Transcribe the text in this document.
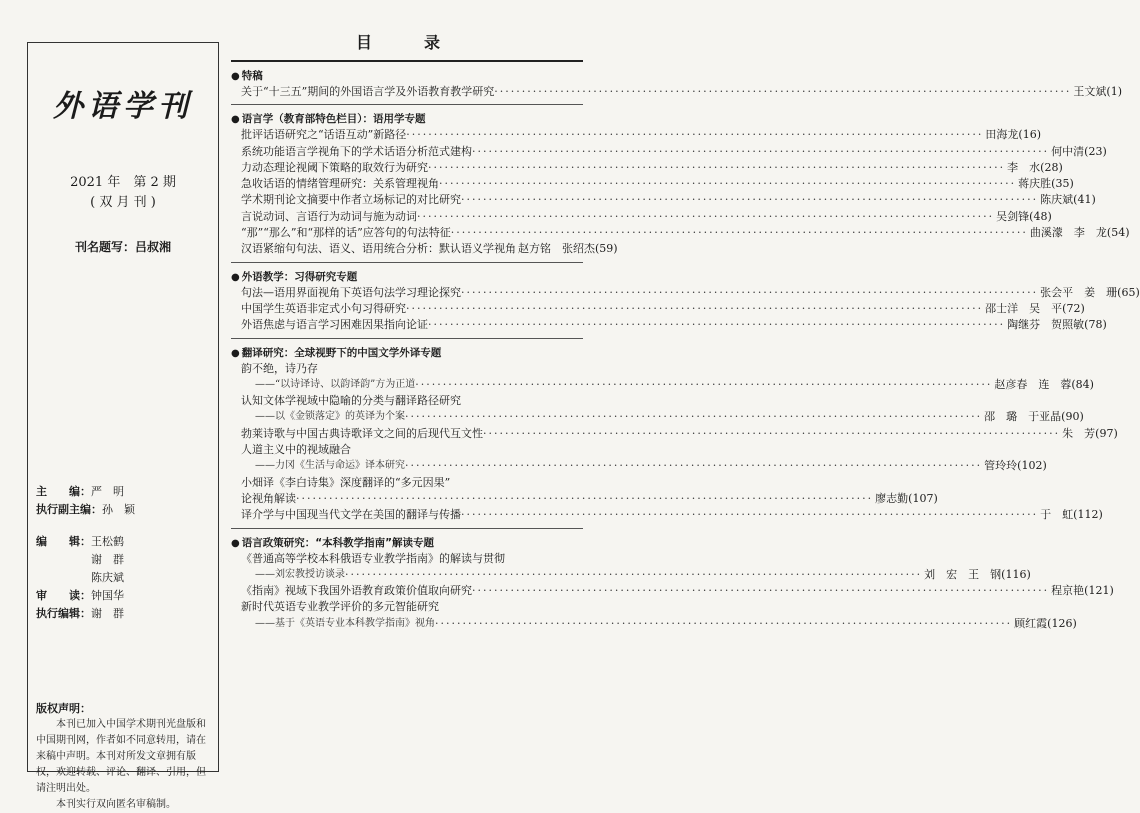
外语学刊
2021 年　第 2 期
( 双 月 刊 )
刊名题写：吕叔湘
主　　编： 严　明
执行副主编： 孙　颖
编　　辑： 王松鹤
谢　群
陈庆斌
审　　读： 钟国华
执行编辑： 谢　群
版权声明：

本刊已加入中国学术期刊光盘版和中国期刊网，作者如不同意转用，请在来稿中声明。本刊对所发文章拥有版权，欢迎转载、评论、翻译、引用，但请注明出处。

本刊实行双向匿名审稿制。

目　录
● 特稿
关于“十三五”期间的外国语言学及外语教育教学研究 ·····	王文斌(1)
● 语言学（教育部特色栏目）：语用学专题
批评话语研究之“话语互动”新路径 ·····	田海龙(16)
系统功能语言学视角下的学术话语分析范式建构 ·····	何中清(23)
力动态理论视阈下策略的取效行为研究 ·····	李　水(28)
急收话语的情绪管理研究：关系管理视角 ·····	蒋庆胜(35)
学术期刊论文摘要中作者立场标记的对比研究 ·····	陈庆斌(41)
言说动词、言语行为动词与施为动词 ·····	吴剑锋(48)
“那”“那么”和“那样的话”应答句的句法特征 ·····	曲溪濛　李　龙(54)
汉语紧缩句句法、语义、语用统合分析：默认语义学视角 赵方铭　张绍杰(59)
● 外语教学：习得研究专题
句法—语用界面视角下英语句法学习理论探究 ·····	张会平　姜　珊(65)
中国学生英语非定式小句习得研究 ·····	邵士洋　吴　平(72)
外语焦虑与语言学习困难因果指向论证 ·····	陶继芬　贺照敏(78)
● 翻译研究：全球视野下的中国文学外译专题
韵不绝，诗乃存
——“以诗译诗、以韵译韵”方为正道 ·····	赵彦春　连　蓉(84)
认知文体学视域中隐喻的分类与翻译路径研究
——以《金锁落定》的英译为个案 ·····	邵　璐　于亚晶(90)
勃莱诗歌与中国古典诗歌译文之间的后现代互文性 ·····	朱　芳(97)
人道主义中的视域融合
——力冈《生活与命运》译本研究 ·····	管玲玲(102)
小畑译《李白诗集》深度翻译的“多元因果”
论视角解读 ·····	廖志勤(107)
译介学与中国现当代文学在美国的翻译与传播 ·····	于　虹(112)
● 语言政策研究：“本科教学指南”解读专题
《普通高等学校本科俄语专业教学指南》的解读与贯彻
——刘宏教授访谈录 ·····	刘　宏　王　钢(116)
《指南》视域下我国外语教育政策价值取向研究 ·····	程京艳(121)
新时代英语专业教学评价的多元智能研究
——基于《英语专业本科教学指南》视角 ·····	顾红霞(126)
